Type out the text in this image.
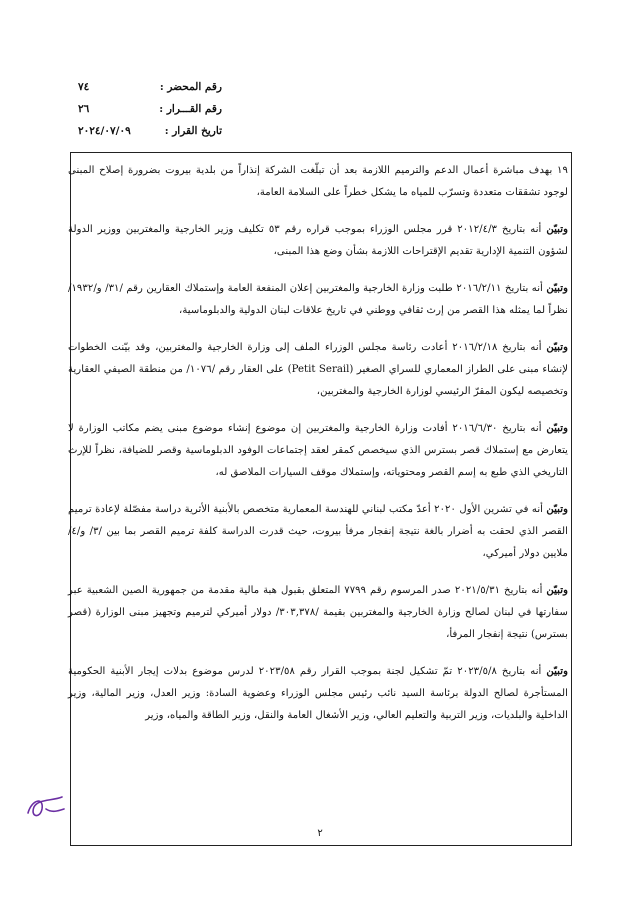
رقم المحضر :
٧٤
رقم القـــرار :
٢٦
تاريخ القرار :
٢٠٢٤/٠٧/٠٩

١٩ بهدف مباشرة أعمال الدعم والترميم اللازمة بعد أن تبلّغت الشركة إنذاراً من بلدية بيروت بضرورة إصلاح المبنى لوجود تشققات متعددة وتسرّب للمياه ما يشكل خطراً على السلامة العامة،

وتبيّن أنه بتاريخ ٢٠١٢/٤/٣ قرر مجلس الوزراء بموجب قراره رقم ٥٣ تكليف وزير الخارجية والمغتربين ووزير الدولة لشؤون التنمية الإدارية تقديم الإقتراحات اللازمة بشأن وضع هذا المبنى،

وتبيّن أنه بتاريخ ٢٠١٦/٢/١١ طلبت وزارة الخارجية والمغتربين إعلان المنفعة العامة وإستملاك العقارين رقم /٣١/ و/١٩٣٢/ نظراً لما يمثله هذا القصر من إرث ثقافي ووطني في تاريخ علاقات لبنان الدولية والدبلوماسية،

وتبيّن أنه بتاريخ ٢٠١٦/٢/١٨ أعادت رئاسة مجلس الوزراء الملف إلى وزارة الخارجية والمغتربين، وقد بيّنت الخطوات لإنشاء مبنى على الطراز المعماري للسراي الصغير (Petit Serail) على العقار رقم /١٠٧٦/ من منطقة الصيفي العقارية وتخصيصه ليكون المقرّ الرئيسي لوزارة الخارجية والمغتربين،

وتبيّن أنه بتاريخ ٢٠١٦/٦/٣٠ أفادت وزارة الخارجية والمغتربين إن موضوع إنشاء موضوع مبنى يضم مكاتب الوزارة لا يتعارض مع إستملاك قصر بسترس الذي سيخصص كمقر لعقد إجتماعات الوفود الدبلوماسية وقصر للضيافة، نظراً للإرث التاريخي الذي طبع به إسم القصر ومحتوياته، وإستملاك موقف السيارات الملاصق له،

وتبيّن أنه في تشرين الأول ٢٠٢٠ أعدّ مكتب لبناني للهندسة المعمارية متخصص بالأبنية الأثرية دراسة مفصّلة لإعادة ترميم القصر الذي لحقت به أضرار بالغة نتيجة إنفجار مرفأ بيروت، حيث قدرت الدراسة كلفة ترميم القصر بما بين /٣/ و/٤/ ملايين دولار أميركي،

وتبيّن أنه بتاريخ ٢٠٢١/٥/٣١ صدر المرسوم رقم ٧٧٩٩ المتعلق بقبول هبة مالية مقدمة من جمهورية الصين الشعبية عبر سفارتها في لبنان لصالح وزارة الخارجية والمغتربين بقيمة /٣٠٣,٣٧٨/ دولار أميركي لترميم وتجهيز مبنى الوزارة (قصر بسترس) نتيجة إنفجار المرفأ،

وتبيّن أنه بتاريخ ٢٠٢٣/٥/٨ تمّ تشكيل لجنة بموجب القرار رقم ٢٠٢٣/٥٨ لدرس موضوع بدلات إيجار الأبنية الحكومية المستأجرة لصالح الدولة برئاسة السيد نائب رئيس مجلس الوزراء وعضوية السادة: وزير العدل، وزير المالية، وزير الداخلية والبلديات، وزير التربية والتعليم العالي، وزير الأشغال العامة والنقل، وزير الطاقة والمياه، وزير

٢
